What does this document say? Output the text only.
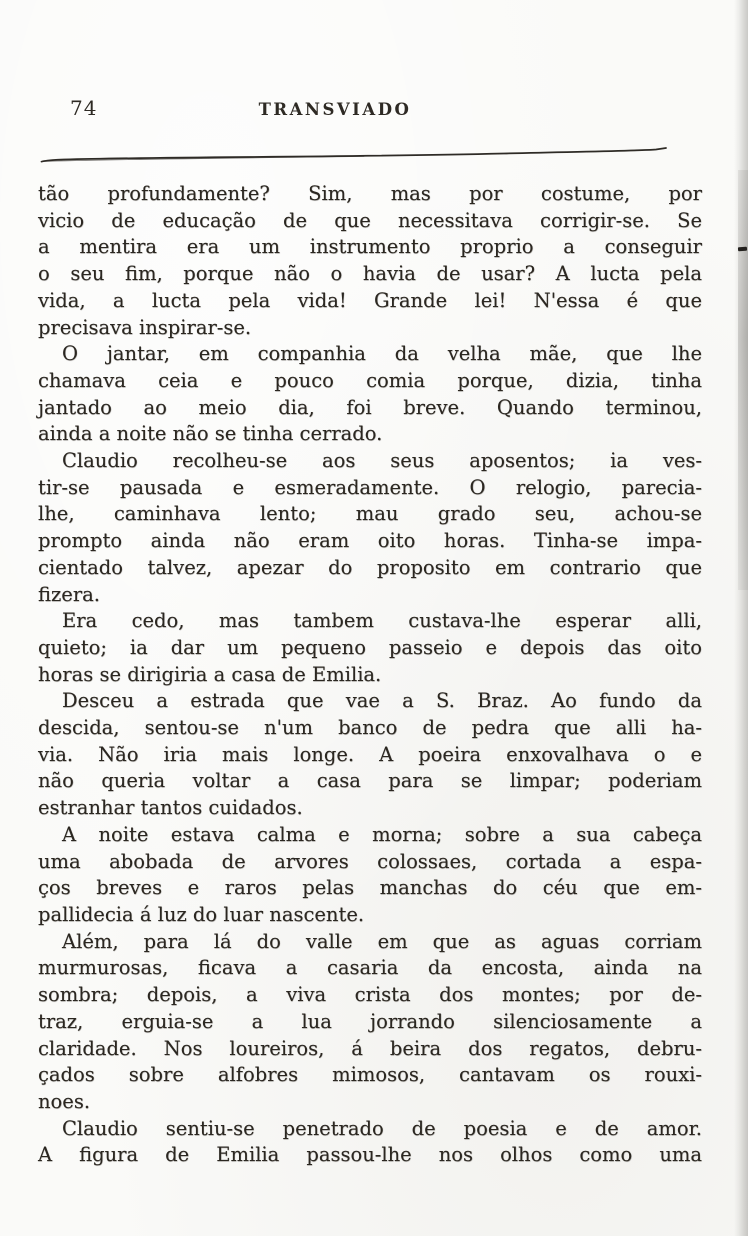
74	TRANSVIADO
tão profundamente? Sim, mas por costume, por
vicio de educação de que necessitava corrigir-se. Se
a mentira era um instrumento proprio a conseguir
o seu fim, porque não o havia de usar? A lucta pela
vida, a lucta pela vida! Grande lei! N'essa é que
precisava inspirar-se.
O jantar, em companhia da velha mãe, que lhe
chamava ceia e pouco comia porque, dizia, tinha
jantado ao meio dia, foi breve. Quando terminou,
ainda a noite não se tinha cerrado.
Claudio recolheu-se aos seus aposentos; ia ves-
tir-se pausada e esmeradamente. O relogio, parecia-
lhe, caminhava lento; mau grado seu, achou-se
prompto ainda não eram oito horas. Tinha-se impa-
cientado talvez, apezar do proposito em contrario que
fizera.
Era cedo, mas tambem custava-lhe esperar alli,
quieto; ia dar um pequeno passeio e depois das oito
horas se dirigiria a casa de Emilia.
Desceu a estrada que vae a S. Braz. Ao fundo da
descida, sentou-se n'um banco de pedra que alli ha-
via. Não iria mais longe. A poeira enxovalhava o e
não queria voltar a casa para se limpar; poderiam
estranhar tantos cuidados.
A noite estava calma e morna; sobre a sua cabeça
uma abobada de arvores colossaes, cortada a espa-
ços breves e raros pelas manchas do céu que em-
pallidecia á luz do luar nascente.
Além, para lá do valle em que as aguas corriam
murmurosas, ficava a casaria da encosta, ainda na
sombra; depois, a viva crista dos montes; por de-
traz, erguia-se a lua jorrando silenciosamente a
claridade. Nos loureiros, á beira dos regatos, debru-
çados sobre alfobres mimosos, cantavam os rouxi-
noes.
Claudio sentiu-se penetrado de poesia e de amor.
A figura de Emilia passou-lhe nos olhos como uma
